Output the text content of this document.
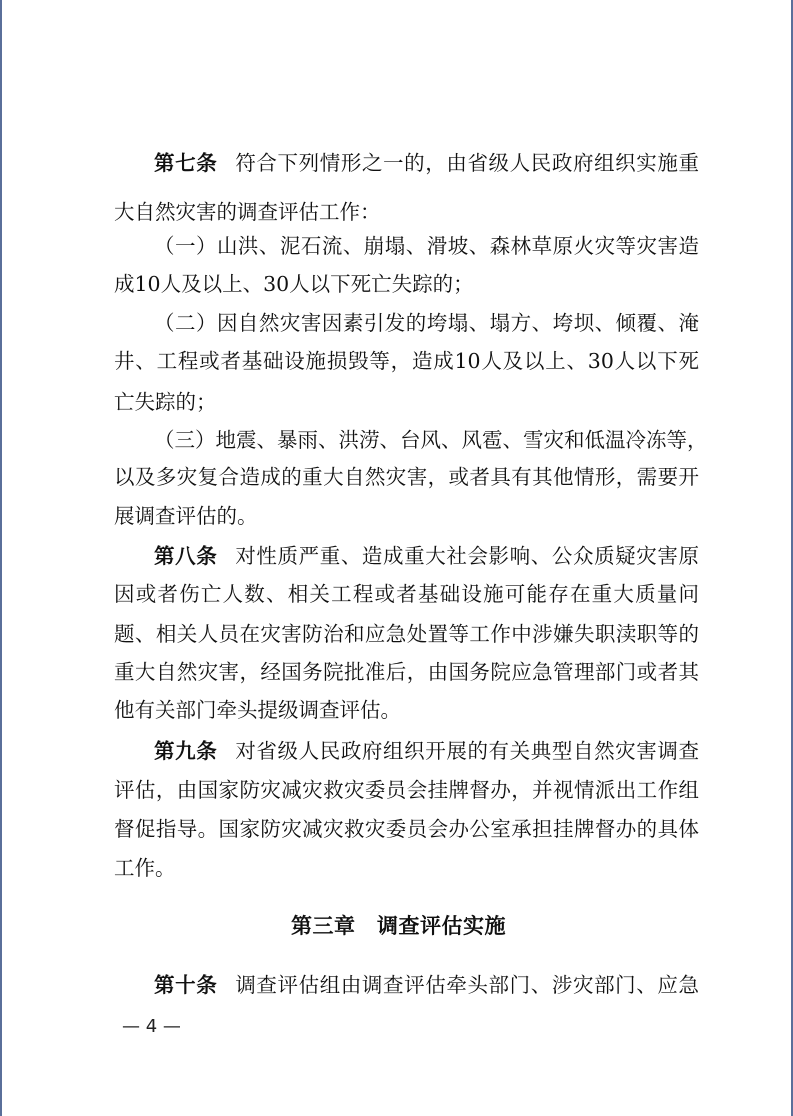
第七条 符合下列情形之一的，由省级人民政府组织实施重
大自然灾害的调查评估工作：
（一）山洪、泥石流、崩塌、滑坡、森林草原火灾等灾害造
成10人及以上、30人以下死亡失踪的；
（二）因自然灾害因素引发的垮塌、塌方、垮坝、倾覆、淹
井、工程或者基础设施损毁等，造成10人及以上、30人以下死
亡失踪的；
（三）地震、暴雨、洪涝、台风、风雹、雪灾和低温冷冻等，
以及多灾复合造成的重大自然灾害，或者具有其他情形，需要开
展调查评估的。
第八条 对性质严重、造成重大社会影响、公众质疑灾害原
因或者伤亡人数、相关工程或者基础设施可能存在重大质量问
题、相关人员在灾害防治和应急处置等工作中涉嫌失职渎职等的
重大自然灾害，经国务院批准后，由国务院应急管理部门或者其
他有关部门牵头提级调查评估。
第九条 对省级人民政府组织开展的有关典型自然灾害调查
评估，由国家防灾减灾救灾委员会挂牌督办，并视情派出工作组
督促指导。国家防灾减灾救灾委员会办公室承担挂牌督办的具体
工作。
第三章　调查评估实施
第十条 调查评估组由调查评估牵头部门、涉灾部门、应急
— 4 —
